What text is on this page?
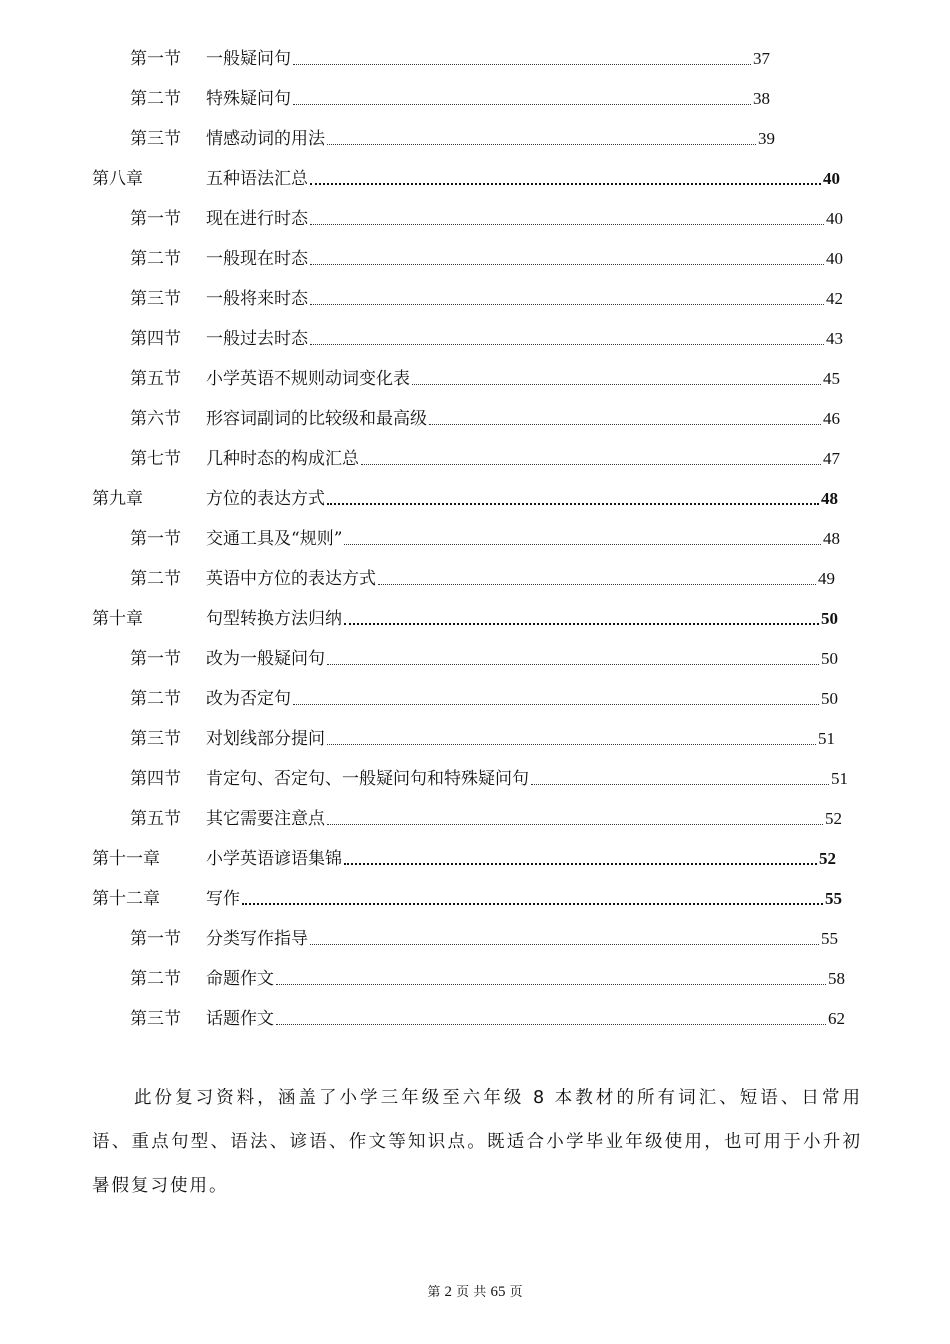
第一节	一般疑问句	37
第二节	特殊疑问句	38
第三节	情感动词的用法	39
第八章	五种语法汇总	40
第一节	现在进行时态	40
第二节	一般现在时态	40
第三节	一般将来时态	42
第四节	一般过去时态	43
第五节	小学英语不规则动词变化表	45
第六节	形容词副词的比较级和最高级	46
第七节	几种时态的构成汇总	47
第九章	方位的表达方式	48
第一节	交通工具及“规则”	48
第二节	英语中方位的表达方式	49
第十章	句型转换方法归纳	50
第一节	改为一般疑问句	50
第二节	改为否定句	50
第三节	对划线部分提问	51
第四节	肯定句、否定句、一般疑问句和特殊疑问句	51
第五节	其它需要注意点	52
第十一章	小学英语谚语集锦	52
第十二章	写作	55
第一节	分类写作指导	55
第二节	命题作文	58
第三节	话题作文	62

此份复习资料，涵盖了小学三年级至六年级 8 本教材的所有词汇、短语、日常用语、重点句型、语法、谚语、作文等知识点。既适合小学毕业年级使用，也可用于小升初暑假复习使用。

第 2 页 共 65 页
